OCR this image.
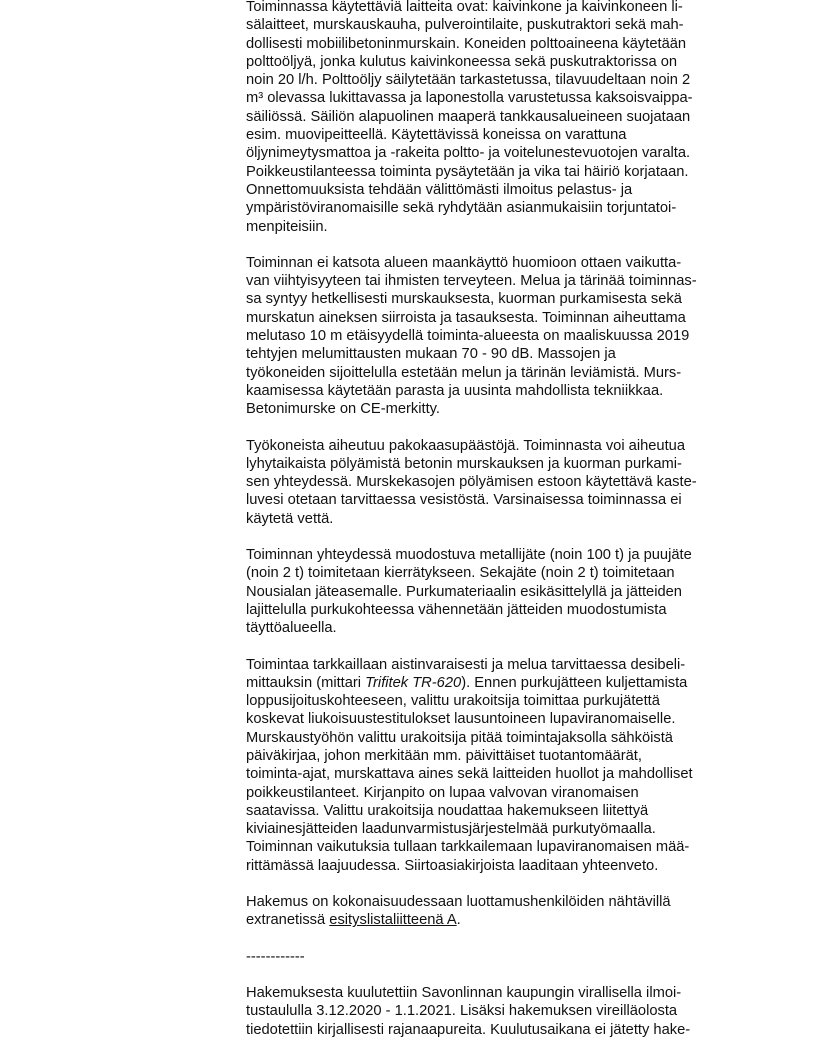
Toiminnassa käytettäviä laitteita ovat: kaivinkone ja kaivinkoneen li-
sälaitteet, murskauskauha, pulverointilaite, puskutraktori sekä mah-
dollisesti mobiilibetoninmurskain. Koneiden polttoaineena käytetään
polttoöljyä, jonka kulutus kaivinkoneessa sekä puskutraktorissa on
noin 20 l/h. Polttoöljy säilytetään tarkastetussa, tilavuudeltaan noin 2
m³ olevassa lukittavassa ja laponestolla varustetussa kaksoisvaippa-
säiliössä. Säiliön alapuolinen maaperä tankkausalueineen suojataan
esim. muovipeitteellä. Käytettävissä koneissa on varattuna
öljynimeytysmattoa ja -rakeita poltto- ja voitelunestevuotojen varalta.
Poikkeustilanteessa toiminta pysäytetään ja vika tai häiriö korjataan.
Onnettomuuksista tehdään välittömästi ilmoitus pelastus- ja
ympäristöviranomaisille sekä ryhdytään asianmukaisiin torjuntatoi-
menpiteisiin.
Toiminnan ei katsota alueen maankäyttö huomioon ottaen vaikutta-
van viihtyisyyteen tai ihmisten terveyteen. Melua ja tärinää toiminnas-
sa syntyy hetkellisesti murskauksesta, kuorman purkamisesta sekä
murskatun aineksen siirroista ja tasauksesta. Toiminnan aiheuttama
melutaso 10 m etäisyydellä toiminta-alueesta on maaliskuussa 2019
tehtyjen melumittausten mukaan 70 - 90 dB. Massojen ja
työkoneiden sijoittelulla estetään melun ja tärinän leviämistä. Murs-
kaamisessa käytetään parasta ja uusinta mahdollista tekniikkaa.
Betonimurske on CE-merkitty.
Työkoneista aiheutuu pakokaasupäästöjä. Toiminnasta voi aiheutua
lyhytaikaista pölyämistä betonin murskauksen ja kuorman purkami-
sen yhteydessä. Murskekasojen pölyämisen estoon käytettävä kaste-
luvesi otetaan tarvittaessa vesistöstä. Varsinaisessa toiminnassa ei
käytetä vettä.
Toiminnan yhteydessä muodostuva metallijäte (noin 100 t) ja puujäte
(noin 2 t) toimitetaan kierrätykseen. Sekajäte (noin 2 t) toimitetaan
Nousialan jäteasemalle. Purkumateriaalin esikäsittelyllä ja jätteiden
lajittelulla purkukohteessa vähennetään jätteiden muodostumista
täyttöalueella.
Toimintaa tarkkaillaan aistinvaraisesti ja melua tarvittaessa desibeli-
mittauksin (mittari Trifitek TR-620). Ennen purkujätteen kuljettamista
loppusijoituskohteeseen, valittu urakoitsija toimittaa purkujätettä
koskevat liukoisuustestitulokset lausuntoineen lupaviranomaiselle.
Murskaustyöhön valittu urakoitsija pitää toimintajaksolla sähköistä
päiväkirjaa, johon merkitään mm. päivittäiset tuotantomäärät,
toiminta-ajat, murskattava aines sekä laitteiden huollot ja mahdolliset
poikkeustilanteet. Kirjanpito on lupaa valvovan viranomaisen
saatavissa. Valittu urakoitsija noudattaa hakemukseen liitettyä
kiviainesjätteiden laadunvarmistusjärjestelmää purkutyömaalla.
Toiminnan vaikutuksia tullaan tarkkailemaan lupaviranomaisen mää-
rittämässä laajuudessa. Siirtoasiakirjoista laaditaan yhteenveto.
Hakemus on kokonaisuudessaan luottamushenkilöiden nähtävillä
extranetissä esityslistaliitteenä A.
------------
Hakemuksesta kuulutettiin Savonlinnan kaupungin virallisella ilmoi-
tustaululla 3.12.2020 - 1.1.2021. Lisäksi hakemuksen vireilläolosta
tiedotettiin kirjallisesti rajanaapureita. Kuulutusaikana ei jätetty hake-
